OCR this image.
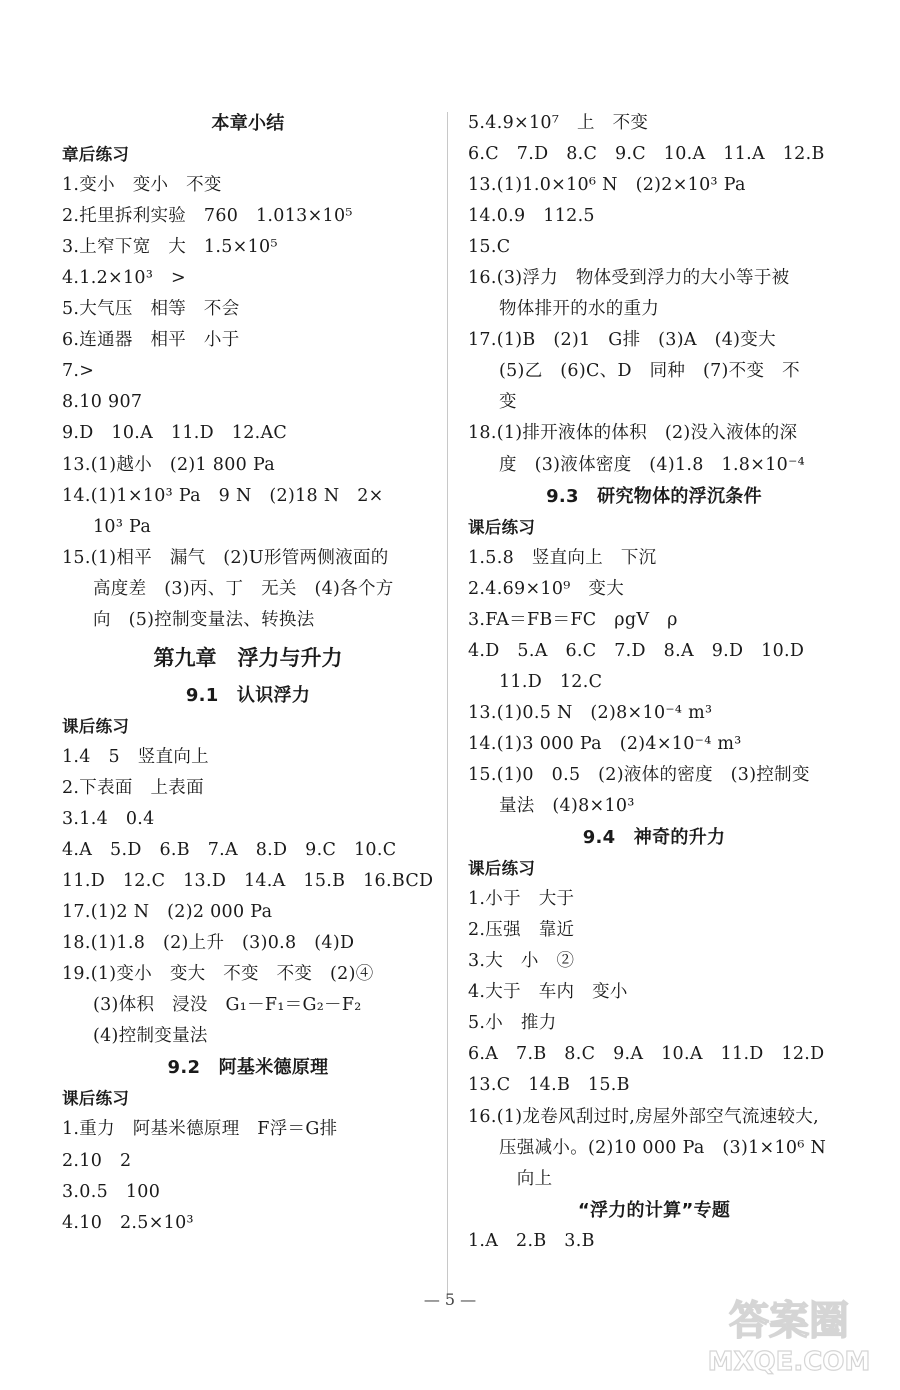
本章小结
章后练习
1.变小　变小　不变
2.托里拆利实验　760　1.013×10⁵
3.上窄下宽　大　1.5×10⁵
4.1.2×10³　>
5.大气压　相等　不会
6.连通器　相平　小于
7.>
8.10 907
9.D　10.A　11.D　12.AC
13.(1)越小　(2)1 800 Pa
14.(1)1×10³ Pa　9 N　(2)18 N　2×
10³ Pa
15.(1)相平　漏气　(2)U形管两侧液面的
高度差　(3)丙、丁　无关　(4)各个方
向　(5)控制变量法、转换法
第九章　浮力与升力
9.1　认识浮力
课后练习
1.4　5　竖直向上
2.下表面　上表面
3.1.4　0.4
4.A　5.D　6.B　7.A　8.D　9.C　10.C
11.D　12.C　13.D　14.A　15.B　16.BCD
17.(1)2 N　(2)2 000 Pa
18.(1)1.8　(2)上升　(3)0.8　(4)D
19.(1)变小　变大　不变　不变　(2)④
(3)体积　浸没　G₁－F₁＝G₂－F₂
(4)控制变量法
9.2　阿基米德原理
课后练习
1.重力　阿基米德原理　F浮＝G排
2.10　2
3.0.5　100
4.10　2.5×10³
5.4.9×10⁷　上　不变
6.C　7.D　8.C　9.C　10.A　11.A　12.B
13.(1)1.0×10⁶ N　(2)2×10³ Pa
14.0.9　112.5
15.C
16.(3)浮力　物体受到浮力的大小等于被
物体排开的水的重力
17.(1)B　(2)1　G排　(3)A　(4)变大
(5)乙　(6)C、D　同种　(7)不变　不
变
18.(1)排开液体的体积　(2)没入液体的深
度　(3)液体密度　(4)1.8　1.8×10⁻⁴
9.3　研究物体的浮沉条件
课后练习
1.5.8　竖直向上　下沉
2.4.69×10⁹　变大
3.FA＝FB＝FC　ρgV　ρ
4.D　5.A　6.C　7.D　8.A　9.D　10.D
11.D　12.C
13.(1)0.5 N　(2)8×10⁻⁴ m³
14.(1)3 000 Pa　(2)4×10⁻⁴ m³
15.(1)0　0.5　(2)液体的密度　(3)控制变
量法　(4)8×10³
9.4　神奇的升力
课后练习
1.小于　大于
2.压强　靠近
3.大　小　②
4.大于　车内　变小
5.小　推力
6.A　7.B　8.C　9.A　10.A　11.D　12.D
13.C　14.B　15.B
16.(1)龙卷风刮过时,房屋外部空气流速较大,
压强减小。(2)10 000 Pa　(3)1×10⁶ N
　向上
“浮力的计算”专题
1.A　2.B　3.B
— 5 —	答案圈
MXQE.COM
